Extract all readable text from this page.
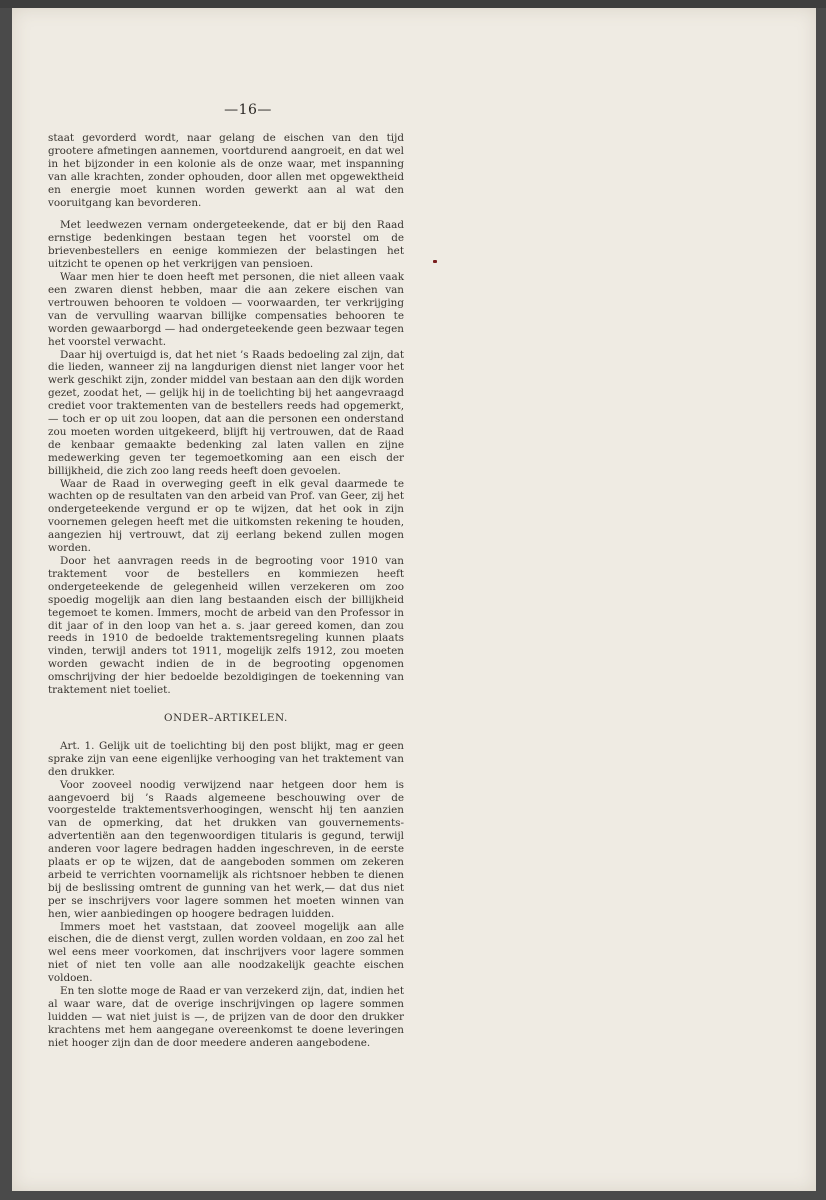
—16—

staat gevorderd wordt, naar gelang de eischen van den tijd grootere afmetingen aannemen, voortdurend aangroeit, en dat wel in het bijzonder in een kolonie als de onze waar, met inspanning van alle krachten, zonder ophouden, door allen met opgewektheid en energie moet kunnen worden gewerkt aan al wat den vooruitgang kan bevorderen.

Met leedwezen vernam ondergeteekende, dat er bij den Raad ernstige bedenkingen bestaan tegen het voorstel om de brievenbestellers en eenige kommiezen der belastingen het uitzicht te openen op het verkrijgen van pensioen.

Waar men hier te doen heeft met personen, die niet alleen vaak een zwaren dienst hebben, maar die aan zekere eischen van vertrouwen behooren te voldoen — voorwaarden, ter verkrijging van de vervulling waarvan billijke compensaties behooren te worden gewaarborgd — had ondergeteekende geen bezwaar tegen het voorstel verwacht.

Daar hij overtuigd is, dat het niet ’s Raads bedoeling zal zijn, dat die lieden, wanneer zij na langdurigen dienst niet langer voor het werk geschikt zijn, zonder middel van bestaan aan den dijk worden gezet, zoodat het, — gelijk hij in de toelichting bij het aangevraagd crediet voor traktementen van de bestellers reeds had opgemerkt, — toch er op uit zou loopen, dat aan die personen een onderstand zou moeten worden uitgekeerd, blijft hij vertrouwen, dat de Raad de kenbaar gemaakte bedenking zal laten vallen en zijne medewerking geven ter tegemoetkoming aan een eisch der billijkheid, die zich zoo lang reeds heeft doen gevoelen.

Waar de Raad in overweging geeft in elk geval daarmede te wachten op de resultaten van den arbeid van Prof. van Geer, zij het ondergeteekende vergund er op te wijzen, dat het ook in zijn voornemen gelegen heeft met die uitkomsten rekening te houden, aangezien hij vertrouwt, dat zij eerlang bekend zullen mogen worden.

Door het aanvragen reeds in de begrooting voor 1910 van traktement voor de bestellers en kommiezen heeft ondergeteekende de gelegenheid willen verzekeren om zoo spoedig mogelijk aan dien lang bestaanden eisch der billijkheid tegemoet te komen. Immers, mocht de arbeid van den Professor in dit jaar of in den loop van het a. s. jaar gereed komen, dan zou reeds in 1910 de bedoelde traktementsregeling kunnen plaats vinden, terwijl anders tot 1911, mogelijk zelfs 1912, zou moeten worden gewacht indien de in de begrooting opgenomen omschrijving der hier bedoelde bezoldigingen de toekenning van traktement niet toeliet.

ONDER–ARTIKELEN.

Art. 1. Gelijk uit de toelichting bij den post blijkt, mag er geen sprake zijn van eene eigenlijke verhooging van het traktement van den drukker.

Voor zooveel noodig verwijzend naar hetgeen door hem is aangevoerd bij ’s Raads algemeene beschouwing over de voorgestelde traktementsverhoogingen, wenscht hij ten aanzien van de opmerking, dat het drukken van gouvernements-advertentiën aan den tegenwoordigen titularis is gegund, terwijl anderen voor lagere bedragen hadden ingeschreven, in de eerste plaats er op te wijzen, dat de aangeboden sommen om zekeren arbeid te verrichten voornamelijk als richtsnoer hebben te dienen bij de beslissing omtrent de gunning van het werk,— dat dus niet per se inschrijvers voor lagere sommen het moeten winnen van hen, wier aanbiedingen op hoogere bedragen luidden.

Immers moet het vaststaan, dat zooveel mogelijk aan alle eischen, die de dienst vergt, zullen worden voldaan, en zoo zal het wel eens meer voorkomen, dat inschrijvers voor lagere sommen niet of niet ten volle aan alle noodzakelijk geachte eischen voldoen.

En ten slotte moge de Raad er van verzekerd zijn, dat, indien het al waar ware, dat de overige inschrijvingen op lagere sommen luidden — wat niet juist is —, de prijzen van de door den drukker krachtens met hem aangegane overeenkomst te doene leveringen niet hooger zijn dan de door meedere anderen aangebodene.
